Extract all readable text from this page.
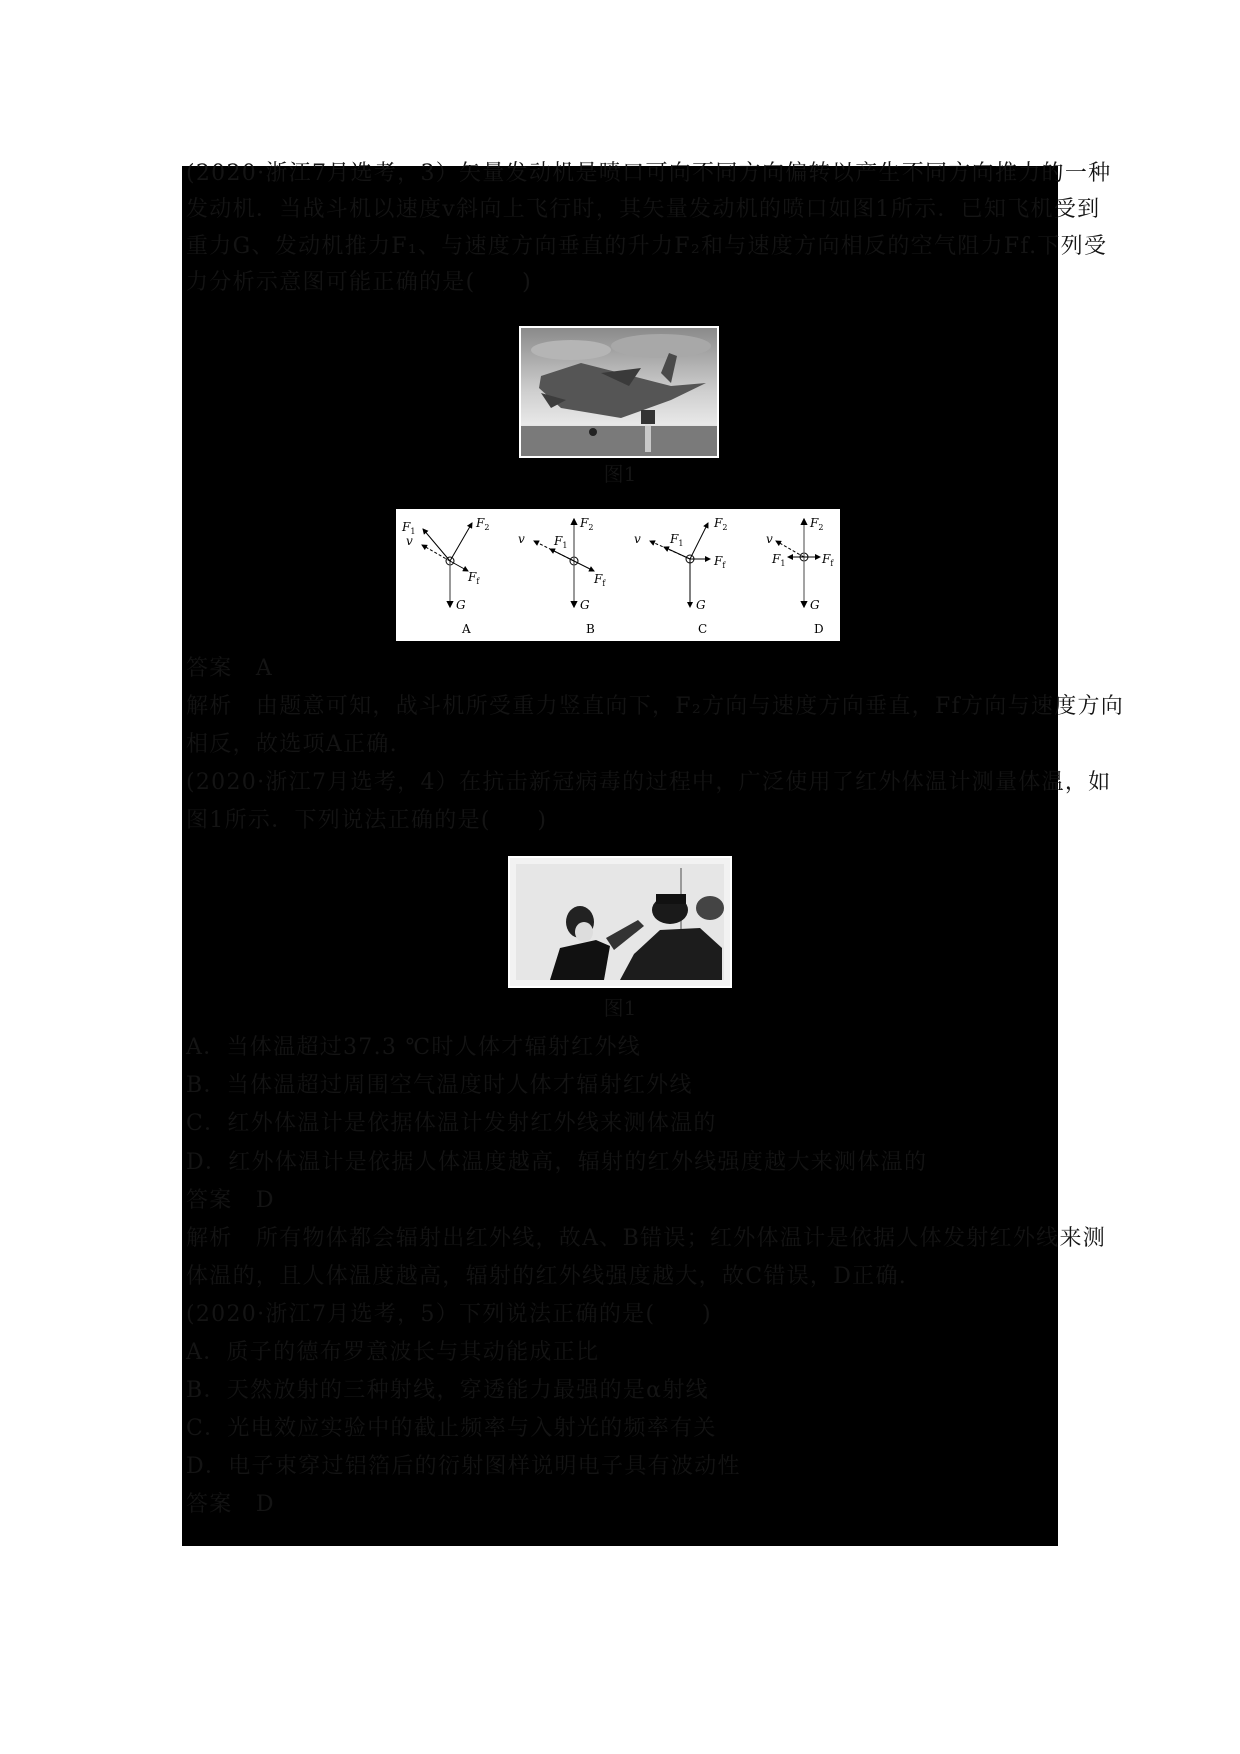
(2020·浙江7月选考，3）矢量发动机是喷口可向不同方向偏转以产生不同方向推力的一种
发动机．当战斗机以速度v斜向上飞行时，其矢量发动机的喷口如图1所示．已知飞机受到
重力G、发动机推力F₁、与速度方向垂直的升力F₂和与速度方向相反的空气阻力Ff.下列受
力分析示意图可能正确的是(　　)
图1
$F_1$
$F_2$
v
$F_f$
G
A
$F_2$
v $F_1$
$F_f$
G
B
$F_2$
v $F_1$
$F_f$
G
C
$F_2$
v
$F_1$	$F_f$
G
D
答案　A
解析　由题意可知，战斗机所受重力竖直向下，F₂方向与速度方向垂直，Ff方向与速度方向
相反，故选项A正确.
(2020·浙江7月选考，4）在抗击新冠病毒的过程中，广泛使用了红外体温计测量体温，如
图1所示．下列说法正确的是(　　)
图1
A．当体温超过37.3 ℃时人体才辐射红外线
B．当体温超过周围空气温度时人体才辐射红外线
C．红外体温计是依据体温计发射红外线来测体温的
D．红外体温计是依据人体温度越高，辐射的红外线强度越大来测体温的
答案　D
解析　所有物体都会辐射出红外线，故A、B错误；红外体温计是依据人体发射红外线来测
体温的，且人体温度越高，辐射的红外线强度越大，故C错误，D正确.
(2020·浙江7月选考，5）下列说法正确的是(　　)
A．质子的德布罗意波长与其动能成正比
B．天然放射的三种射线，穿透能力最强的是α射线
C．光电效应实验中的截止频率与入射光的频率有关
D．电子束穿过铝箔后的衍射图样说明电子具有波动性
答案　D
